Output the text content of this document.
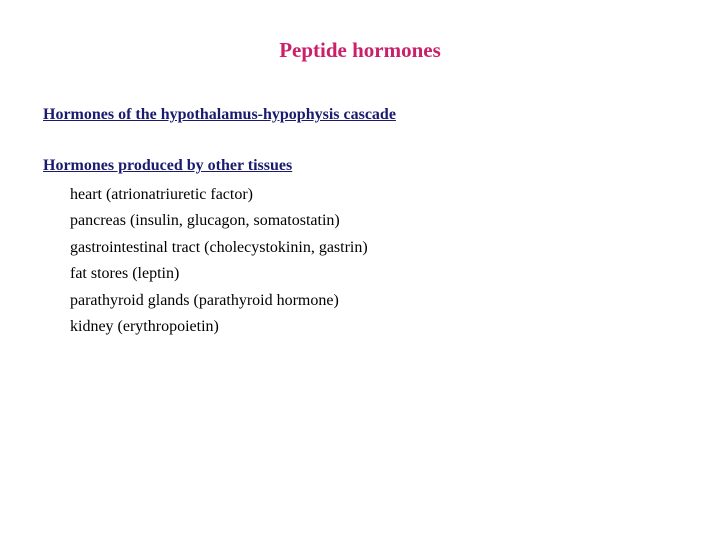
Peptide hormones
Hormones of the hypothalamus-hypophysis cascade
Hormones produced by other tissues
heart (atrionatriuretic factor)
pancreas (insulin, glucagon, somatostatin)
gastrointestinal tract (cholecystokinin, gastrin)
fat stores (leptin)
parathyroid glands (parathyroid hormone)
kidney (erythropoietin)
